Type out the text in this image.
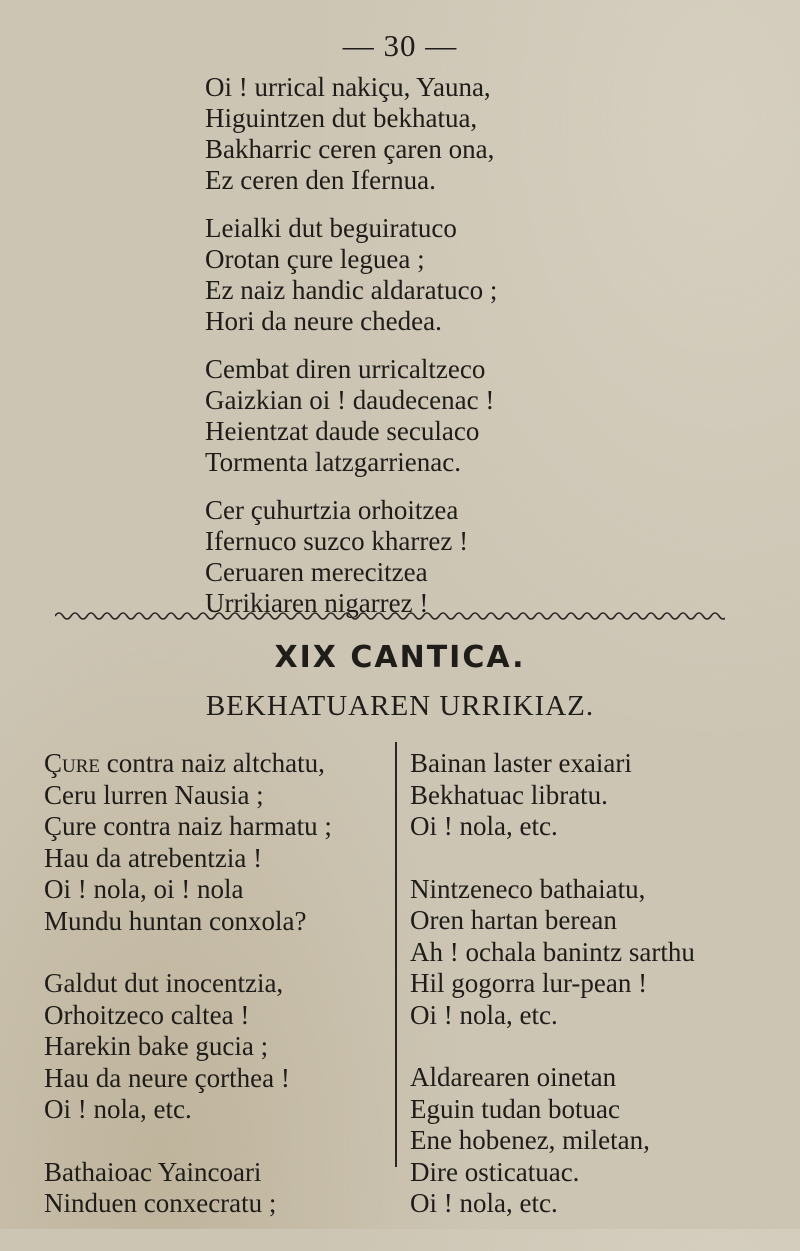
— 30 —
Oi ! urrical nakiçu, Yauna,
Higuintzen dut bekhatua,
Bakharric ceren çaren ona,
Ez ceren den Ifernua.
Leialki dut beguiratuco
Orotan çure leguea ;
Ez naiz handic aldaratuco ;
Hori da neure chedea.
Cembat diren urricaltzeco
Gaizkian oi ! daudecenac !
Heientzat daude seculaco
Tormenta latzgarrienac.
Cer çuhurtzia orhoitzea
Ifernuco suzco kharrez !
Ceruaren merecitzea
Urrikiaren nigarrez !
XIX CANTICA.
BEKHATUAREN URRIKIAZ.
Çure contra naiz altchatu,
Ceru lurren Nausia ;
Çure contra naiz harmatu ;
Hau da atrebentzia !
Oi ! nola, oi ! nola
Mundu huntan conxola?
Galdut dut inocentzia,
Orhoitzeco caltea !
Harekin bake gucia ;
Hau da neure çorthea !
Oi ! nola, etc.
Bathaioac Yaincoari
Ninduen conxecratu ;
Bainan laster exaiari
Bekhatuac libratu.
Oi ! nola, etc.
Nintzeneco bathaiatu,
Oren hartan berean
Ah ! ochala banintz sarthu
Hil gogorra lur-pean !
Oi ! nola, etc.
Aldarearen oinetan
Eguin tudan botuac
Ene hobenez, miletan,
Dire osticatuac.
Oi ! nola, etc.
